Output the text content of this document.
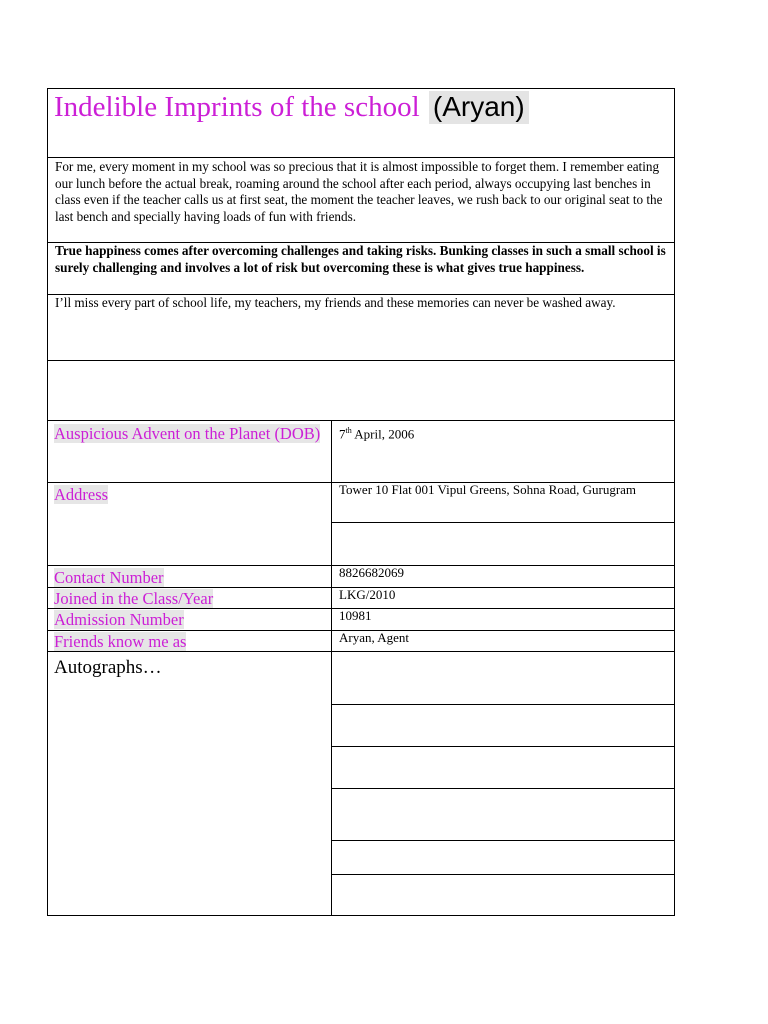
Indelible Imprints of the school (Aryan)
For me, every moment in my school was so precious that it is almost impossible to forget them. I remember eating our lunch before the actual break, roaming around the school after each period, always occupying last benches in class even if the teacher calls us at first seat, the moment the teacher leaves, we rush back to our original seat to the last bench and specially having loads of fun with friends.
True happiness comes after overcoming challenges and taking risks. Bunking classes in such a small school is surely challenging and involves a lot of risk but overcoming these is what gives true happiness.
I’ll miss every part of school life, my teachers, my friends and these memories can never be washed away.
Auspicious Advent on the Planet (DOB) 7th April, 2006
Address	Tower 10 Flat 001 Vipul Greens, Sohna Road, Gurugram
Contact Number	8826682069
Joined in the Class/Year	LKG/2010
Admission Number	10981
Friends know me as	Aryan, Agent
Autographs…
